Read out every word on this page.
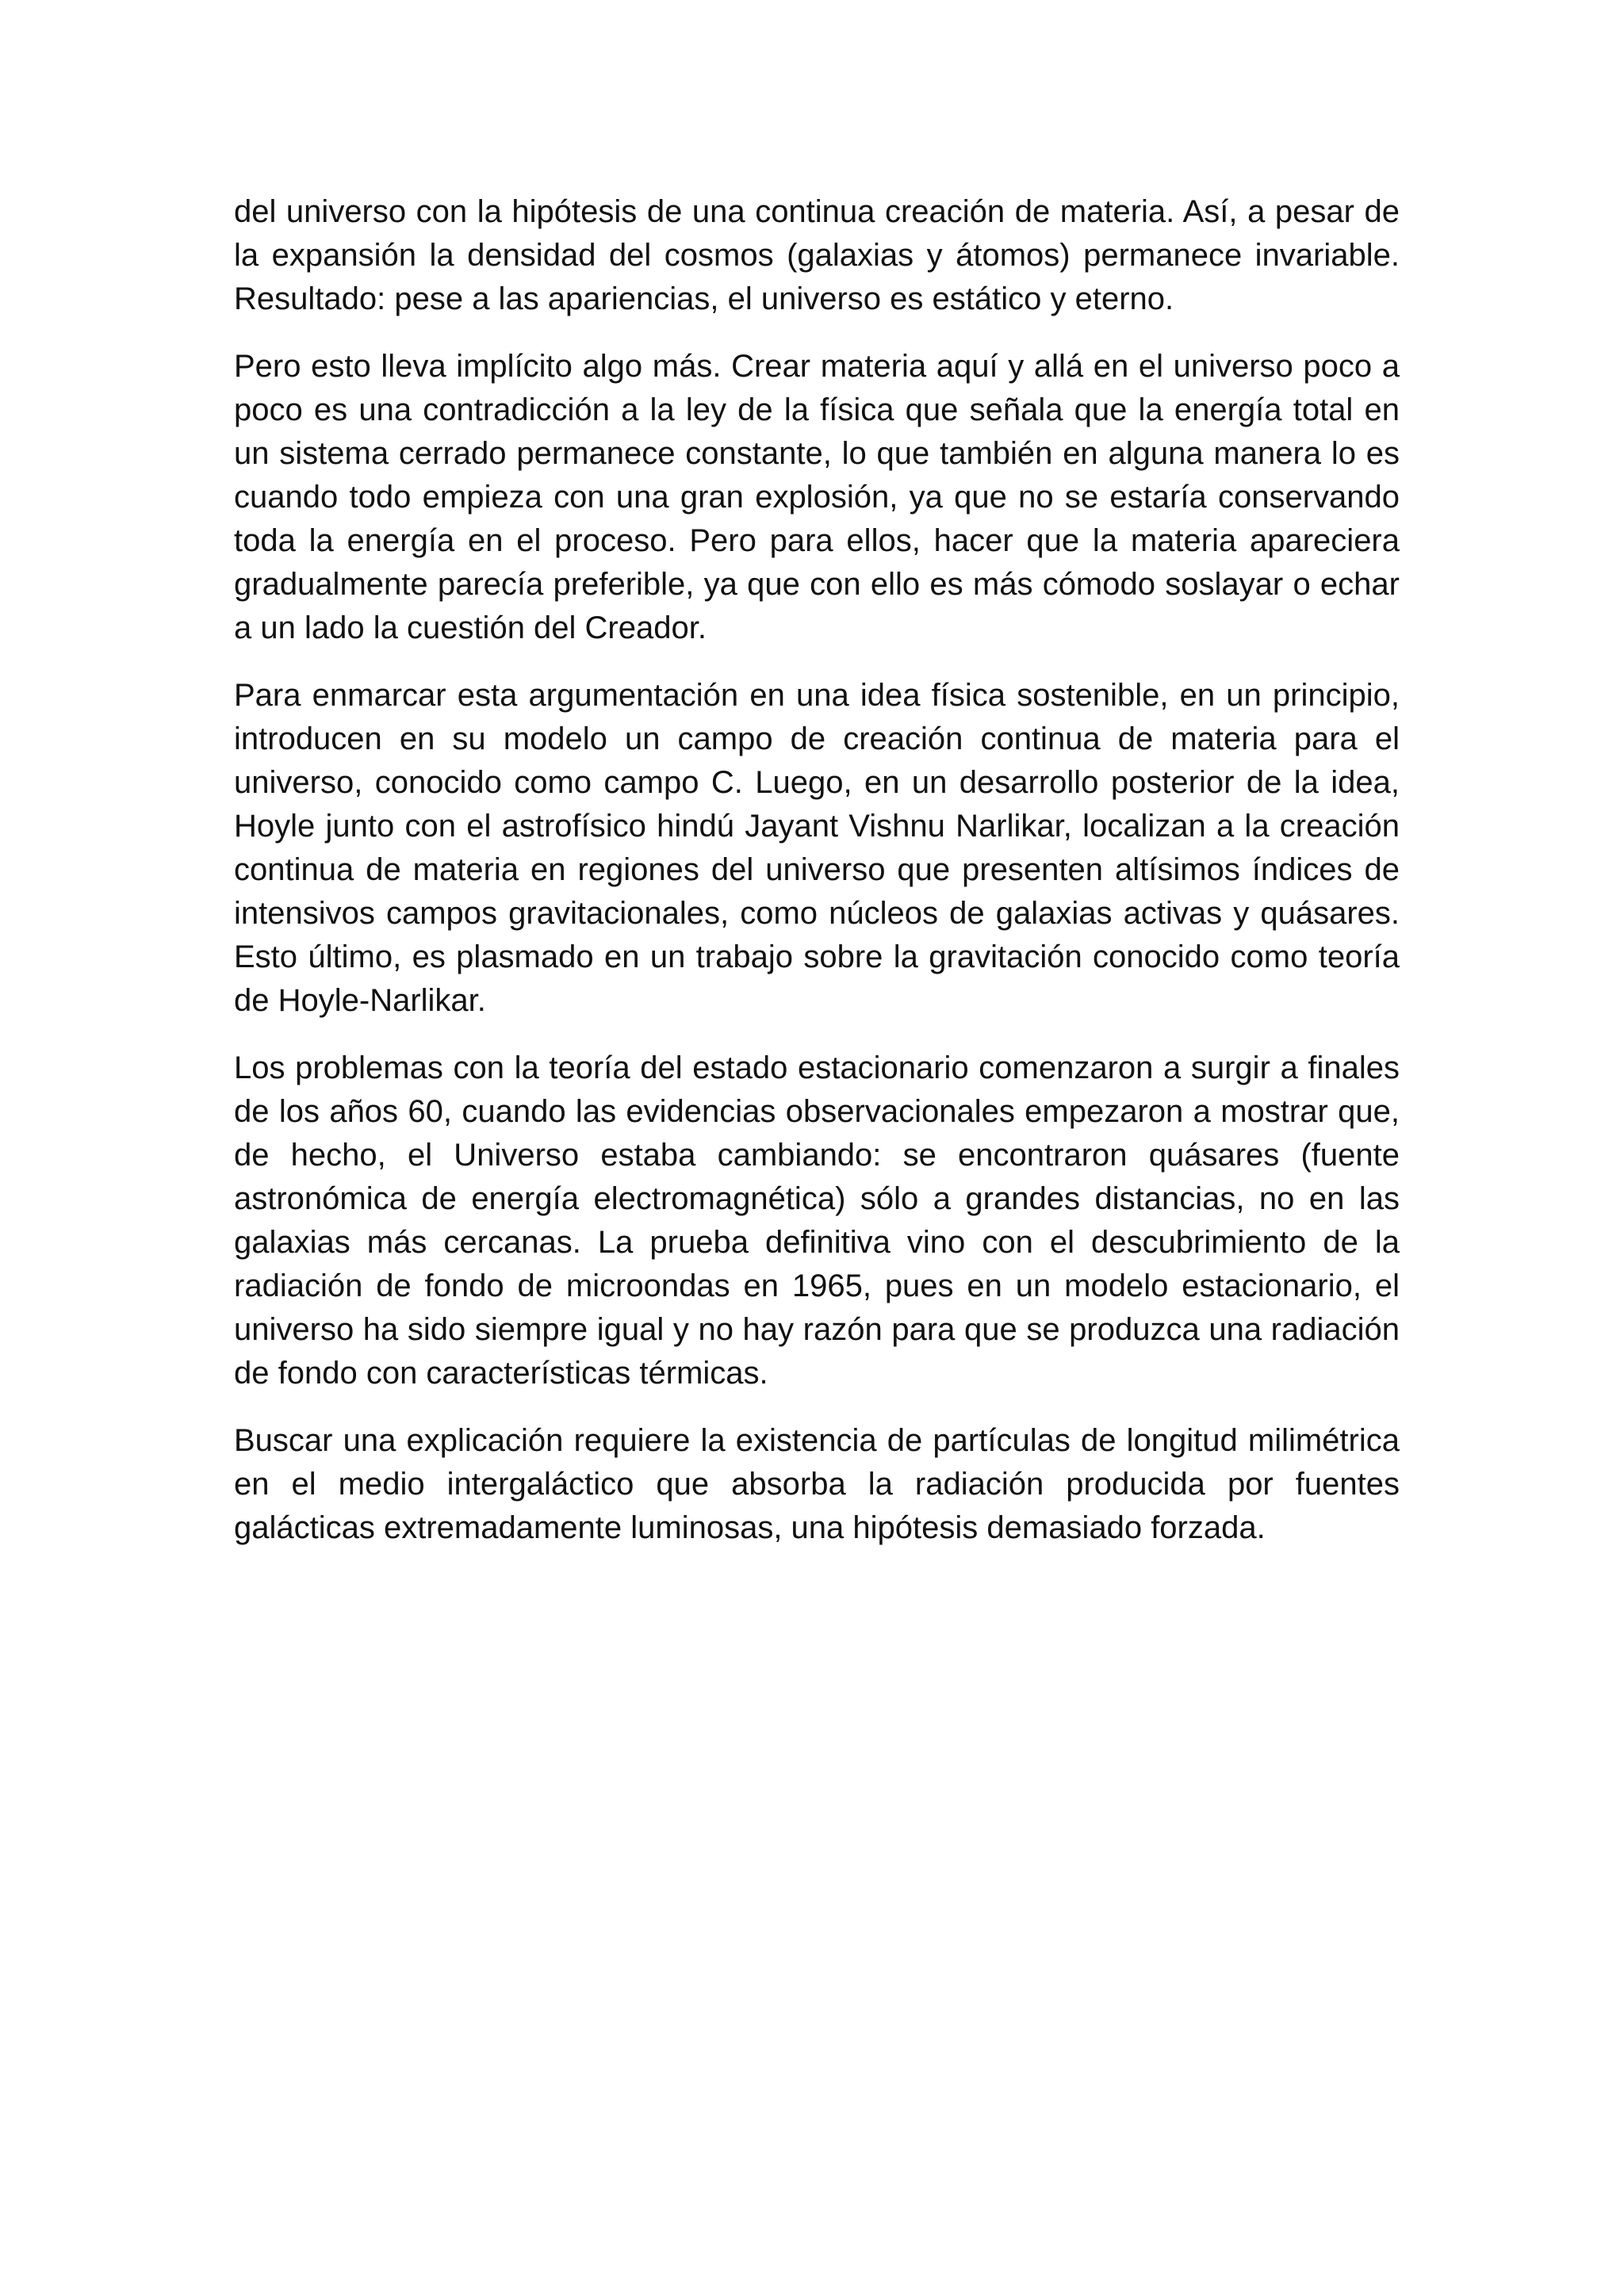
del universo con la hipótesis de una continua creación de materia. Así, a pesar de la expansión la densidad del cosmos (galaxias y átomos) permanece invariable. Resultado: pese a las apariencias, el universo es estático y eterno.

Pero esto lleva implícito algo más. Crear materia aquí y allá en el universo poco a poco es una contradicción a la ley de la física que señala que la energía total en un sistema cerrado permanece constante, lo que también en alguna manera lo es cuando todo empieza con una gran explosión, ya que no se estaría conservando toda la energía en el proceso. Pero para ellos, hacer que la materia apareciera gradualmente parecía preferible, ya que con ello es más cómodo soslayar o echar a un lado la cuestión del Creador.

Para enmarcar esta argumentación en una idea física sostenible, en un principio, introducen en su modelo un campo de creación continua de materia para el universo, conocido como campo C. Luego, en un desarrollo posterior de la idea, Hoyle junto con el astrofísico hindú Jayant Vishnu Narlikar, localizan a la creación continua de materia en regiones del universo que presenten altísimos índices de intensivos campos gravitacionales, como núcleos de galaxias activas y quásares. Esto último, es plasmado en un trabajo sobre la gravitación conocido como teoría de Hoyle-Narlikar.

Los problemas con la teoría del estado estacionario comenzaron a surgir a finales de los años 60, cuando las evidencias observacionales empezaron a mostrar que, de hecho, el Universo estaba cambiando: se encontraron quásares (fuente astronómica de energía electromagnética) sólo a grandes distancias, no en las galaxias más cercanas. La prueba definitiva vino con el descubrimiento de la radiación de fondo de microondas en 1965, pues en un modelo estacionario, el universo ha sido siempre igual y no hay razón para que se produzca una radiación de fondo con características térmicas.

Buscar una explicación requiere la existencia de partículas de longitud milimétrica en el medio intergaláctico que absorba la radiación producida por fuentes galácticas extremadamente luminosas, una hipótesis demasiado forzada.
